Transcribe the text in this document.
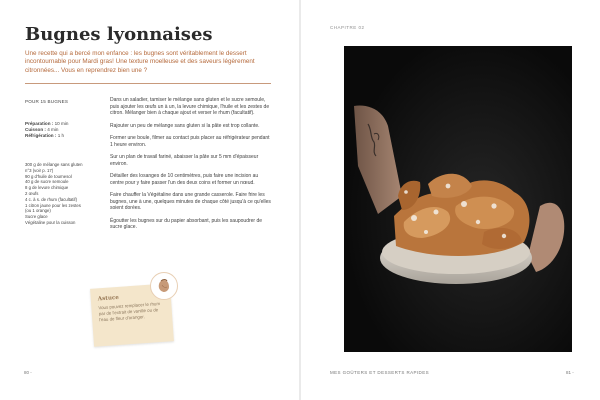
Bugnes lyonnaises

Une recette qui a bercé mon enfance : les bugnes sont véritablement le dessert incontournable pour Mardi gras! Une texture moelleuse et des saveurs légèrement citronnées... Vous en reprendrez bien une ?

POUR 15 BUGNES
Préparation : 10 min
Cuisson : 4 min
Réfrigération : 1 h
300 g de mélange sans gluten
n°3 (voir p. 17)
90 g d'huile de tournesol
40 g de sucre semoule
8 g de levure chimique
2 œufs
4 c. à s. de rhum (facultatif)
1 citron jaune pour les zestes
(ou 1 orange)
Sucre glace
Végétaline pour la cuisson

Dans un saladier, tamiser le mélange sans gluten et le sucre semoule, puis ajouter les œufs un à un, la levure chimique, l'huile et les zestes de citron. Mélanger bien à chaque ajout et verser le rhum (facultatif).

Rajouter un peu de mélange sans gluten si la pâte est trop collante.

Former une boule, filmer au contact puis placer au réfrigérateur pendant 1 heure environ.

Sur un plan de travail fariné, abaisser la pâte sur 5 mm d'épaisseur environ.

Détailler des losanges de 10 centimètres, puis faire une incision au centre pour y faire passer l'un des deux coins et former un nœud.

Faire chauffer la Végétaline dans une grande casserole. Faire frire les bugnes, une à une, quelques minutes de chaque côté jusqu'à ce qu'elles soient dorées.

Égoutter les bugnes sur du papier absorbant, puis les saupoudrer de sucre glace.

Astuce
Vous pouvez remplacer le rhum par de l'extrait de vanille ou de l'eau de fleur d'oranger.
CHAPITRE 02
80 -	MES GOÛTERS ET DESSERTS RAPIDES	81 -
